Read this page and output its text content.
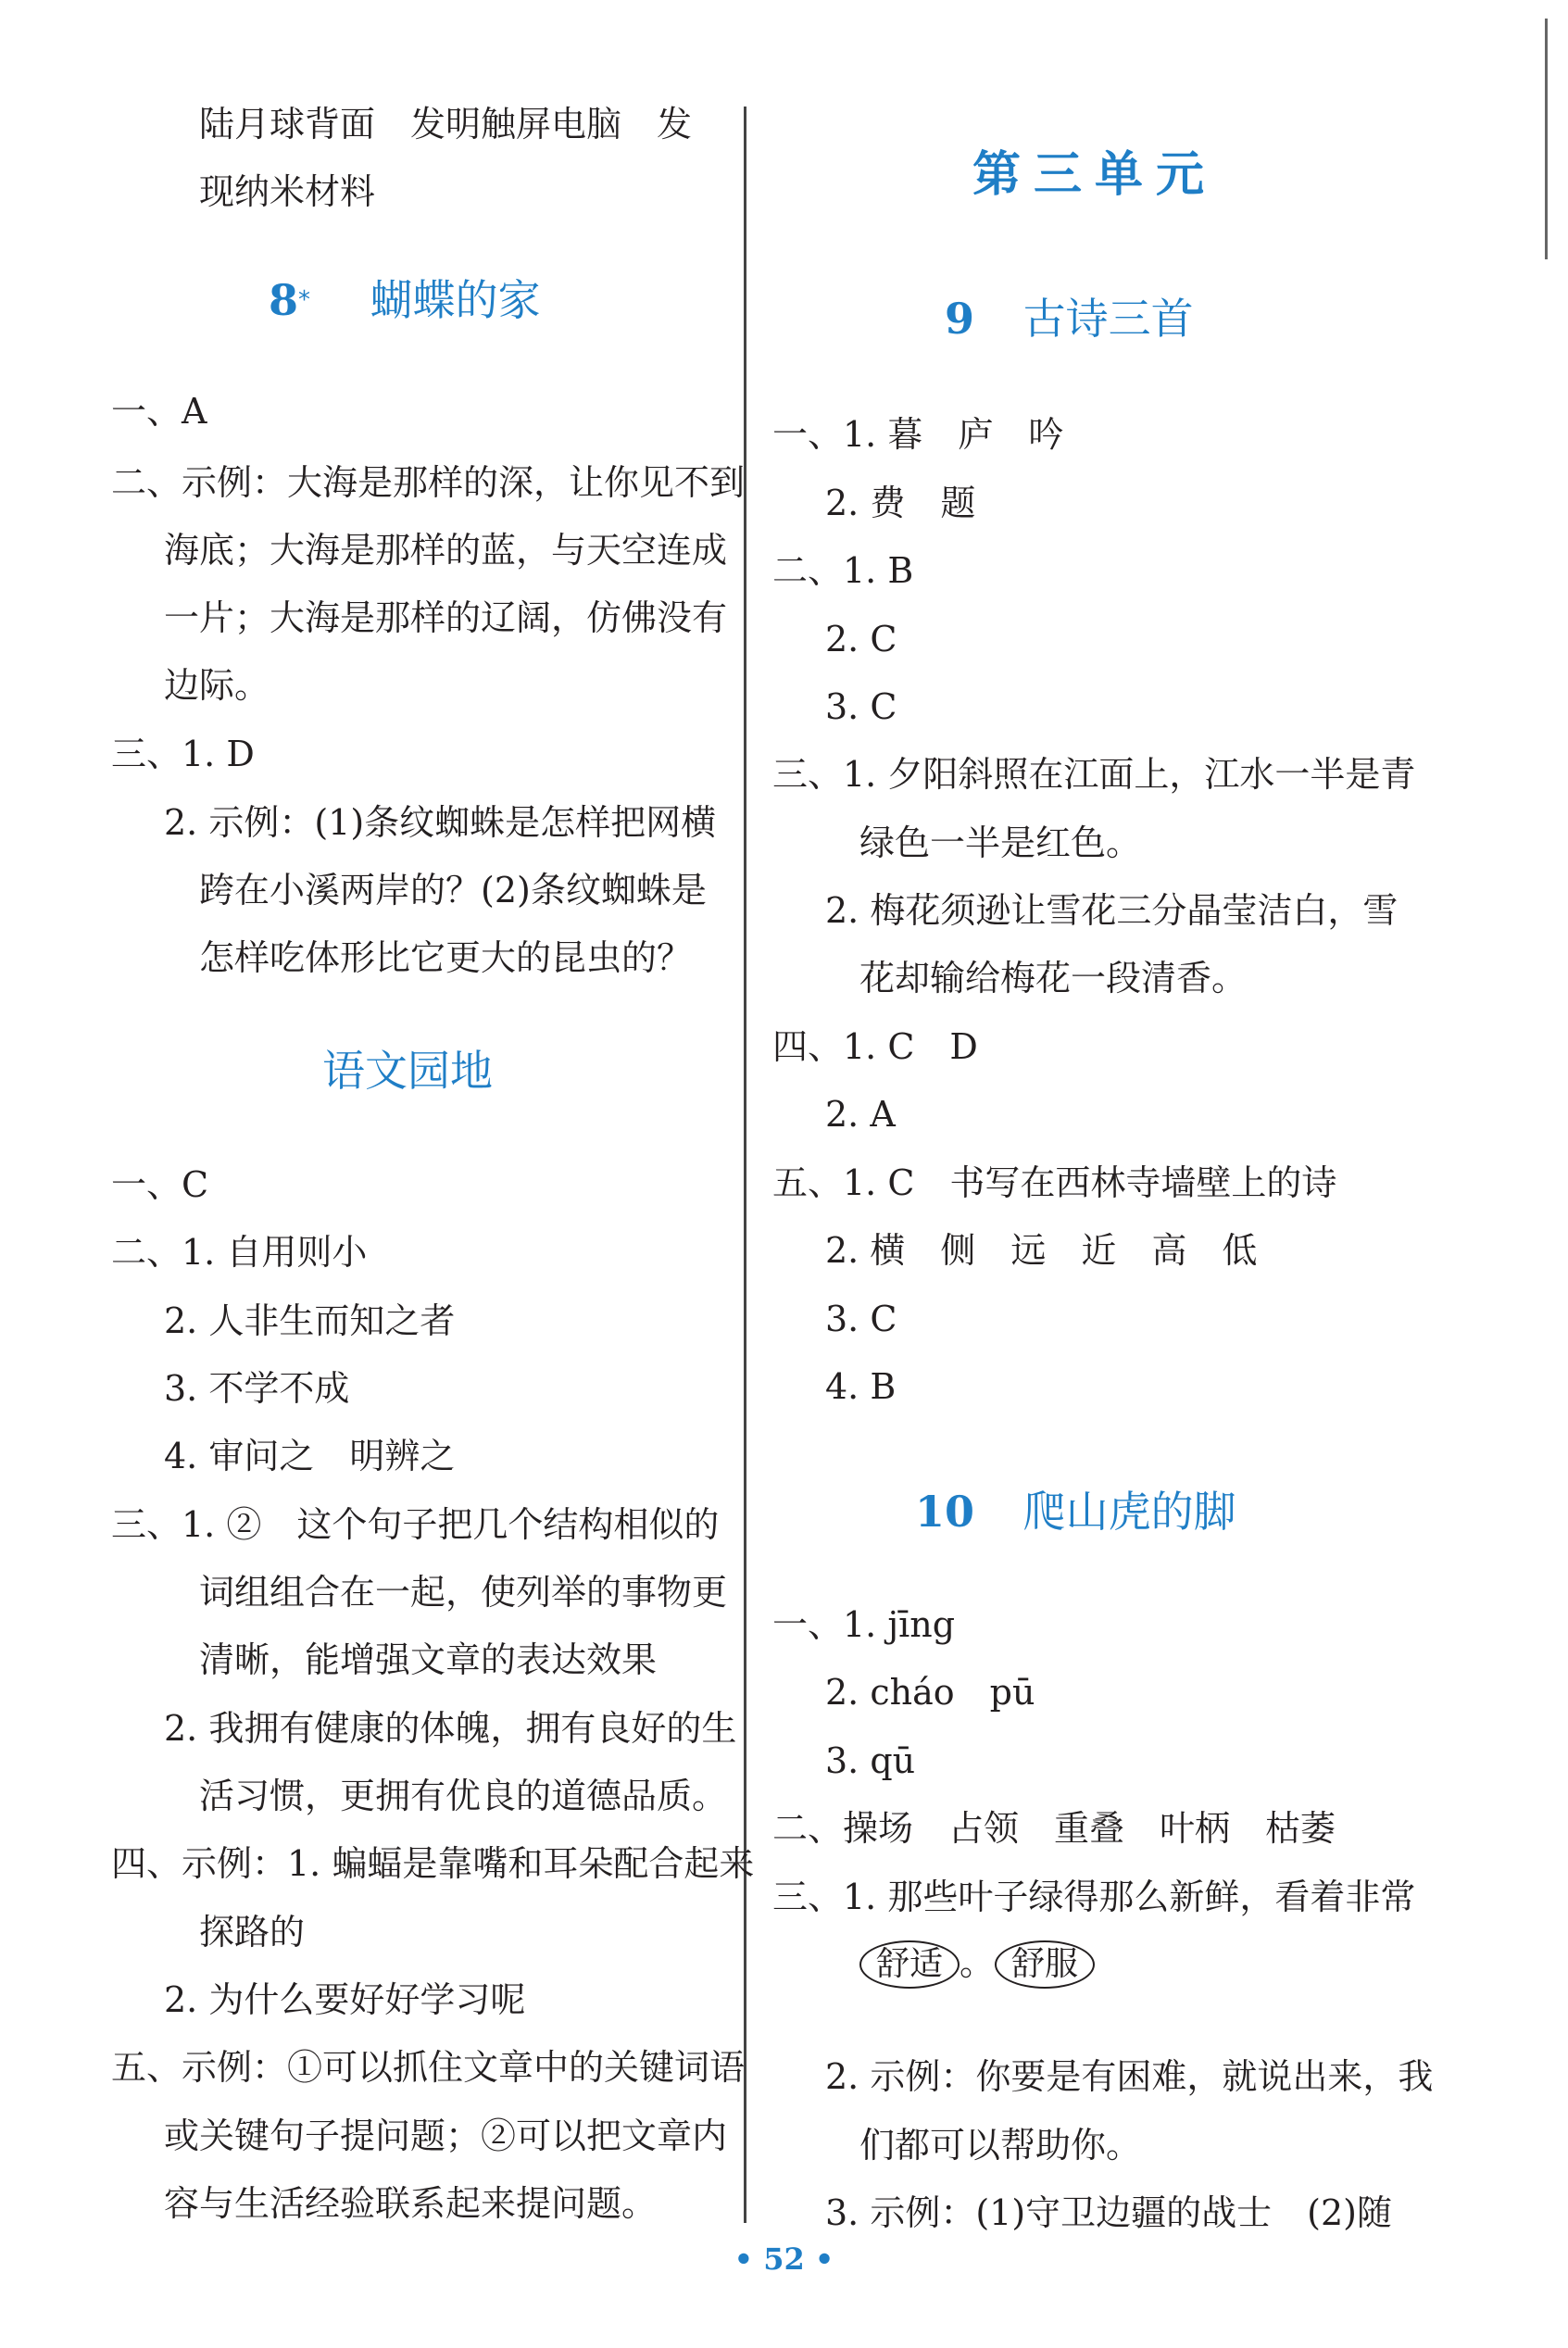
陆月球背面　发明触屏电脑　发
现纳米材料
8* 蝴蝶的家
一、A
二、示例：大海是那样的深，让你见不到
海底；大海是那样的蓝，与天空连成
一片；大海是那样的辽阔，仿佛没有
边际。
三、1. D
2. 示例：(1)条纹蜘蛛是怎样把网横
跨在小溪两岸的？(2)条纹蜘蛛是
怎样吃体形比它更大的昆虫的？
语文园地
一、C
二、1. 自用则小
2. 人非生而知之者
3. 不学不成
4. 审问之　明辨之
三、1. ②　这个句子把几个结构相似的
词组组合在一起，使列举的事物更
清晰，能增强文章的表达效果
2. 我拥有健康的体魄，拥有良好的生
活习惯，更拥有优良的道德品质。
四、示例：1. 蝙蝠是靠嘴和耳朵配合起来
探路的
2. 为什么要好好学习呢
五、示例：①可以抓住文章中的关键词语
或关键句子提问题；②可以把文章内
容与生活经验联系起来提问题。
第三单元
9 古诗三首
一、1. 暮　庐　吟
2. 费　题
二、1. B
2. C
3. C
三、1. 夕阳斜照在江面上，江水一半是青
绿色一半是红色。
2. 梅花须逊让雪花三分晶莹洁白，雪
花却输给梅花一段清香。
四、1. C　D
2. A
五、1. C　书写在西林寺墙壁上的诗
2. 横　侧　远　近　高　低
3. C
4. B
10 爬山虎的脚
一、1. jīng
2. cháo　pū
3. qū
二、操场　占领　重叠　叶柄　枯萎
三、1. 那些叶子绿得那么新鲜，看着非常
舒适 。 舒服
2. 示例：你要是有困难，就说出来，我
们都可以帮助你。
3. 示例：(1)守卫边疆的战士　(2)随
• 52 •
